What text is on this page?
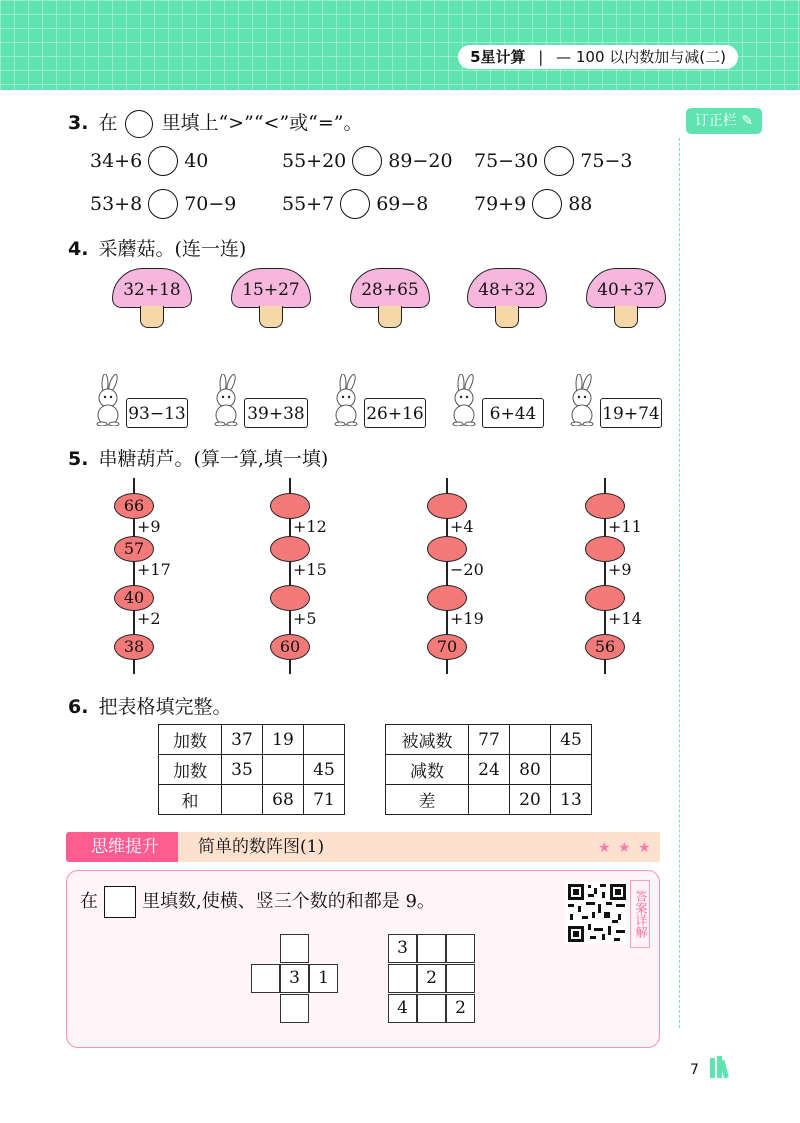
5星计算 | — 100 以内数加与减(二)
订正栏 ✎
3. 在 里填上“>”“<”或“=”。
34+6 40	55+20 89−20 75−30 75−3
53+8 70−9 55+7 69−8 79+9 88
4. 采蘑菇。(连一连)
32+18	15+27	28+65	48+32	40+37
93−13	39+38	26+16	6+44	19+74
5. 串糖葫芦。(算一算,填一填)
66
57
40
38
+9
+17
+2
60
+12
+15
+5
70
+4
−20
+19
56
+11
+9
+14
6. 把表格填完整。
加数	37	19	
加数	35		45
和		68	71
被减数	77		45
减数	24	80	
差		20	13
思维提升	简单的数阵图(1)	★ ★ ★
在 里填数,使横、竖三个数的和都是 9。	答案详解
3	1
3
2
4	2
7
